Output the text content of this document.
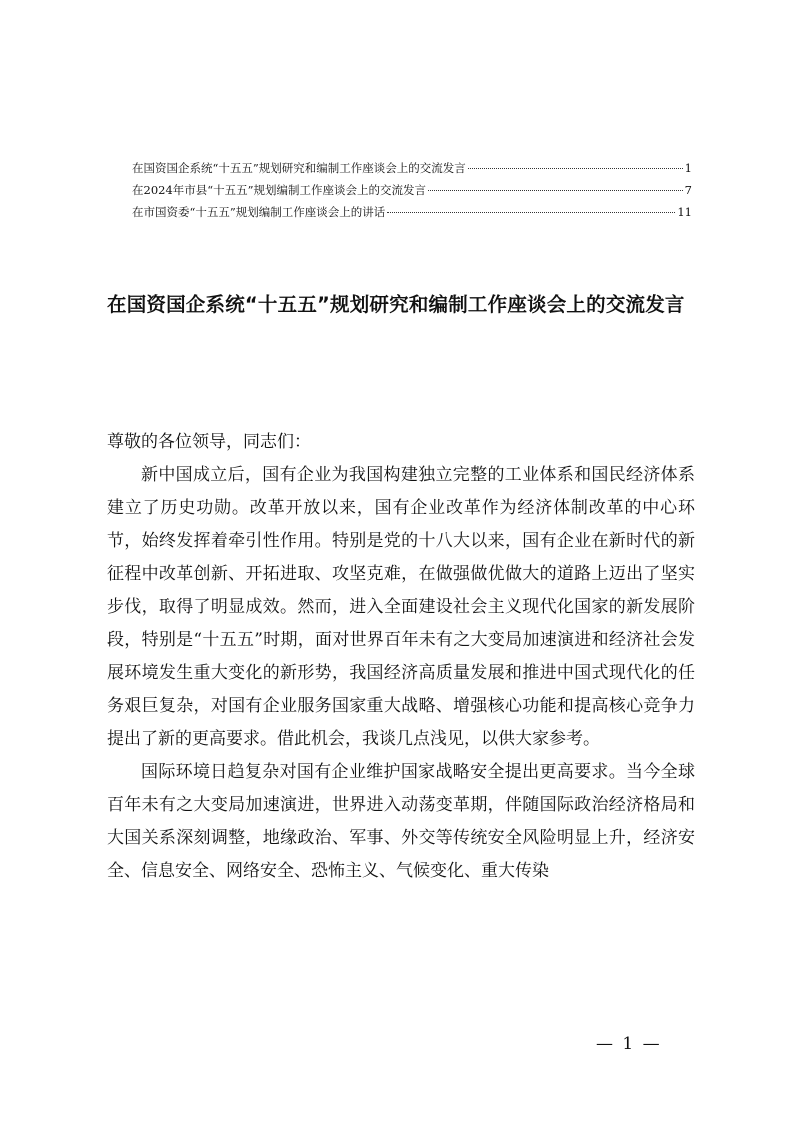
在国资国企系统“十五五”规划研究和编制工作座谈会上的交流发言	1
在2024年市县“十五五”规划编制工作座谈会上的交流发言	7
在市国资委“十五五”规划编制工作座谈会上的讲话	11
在国资国企系统“十五五”规划研究和编制工作座谈会上的交流发言

尊敬的各位领导，同志们：

新中国成立后，国有企业为我国构建独立完整的工业体系和国民经济体系建立了历史功勋。改革开放以来，国有企业改革作为经济体制改革的中心环节，始终发挥着牵引性作用。特别是党的十八大以来，国有企业在新时代的新征程中改革创新、开拓进取、攻坚克难，在做强做优做大的道路上迈出了坚实步伐，取得了明显成效。然而，进入全面建设社会主义现代化国家的新发展阶段，特别是“十五五”时期，面对世界百年未有之大变局加速演进和经济社会发展环境发生重大变化的新形势，我国经济高质量发展和推进中国式现代化的任务艰巨复杂，对国有企业服务国家重大战略、增强核心功能和提高核心竞争力提出了新的更高要求。借此机会，我谈几点浅见，以供大家参考。

国际环境日趋复杂对国有企业维护国家战略安全提出更高要求。当今全球百年未有之大变局加速演进，世界进入动荡变革期，伴随国际政治经济格局和大国关系深刻调整，地缘政治、军事、外交等传统安全风险明显上升，经济安全、信息安全、网络安全、恐怖主义、气候变化、重大传染

— 1 —
